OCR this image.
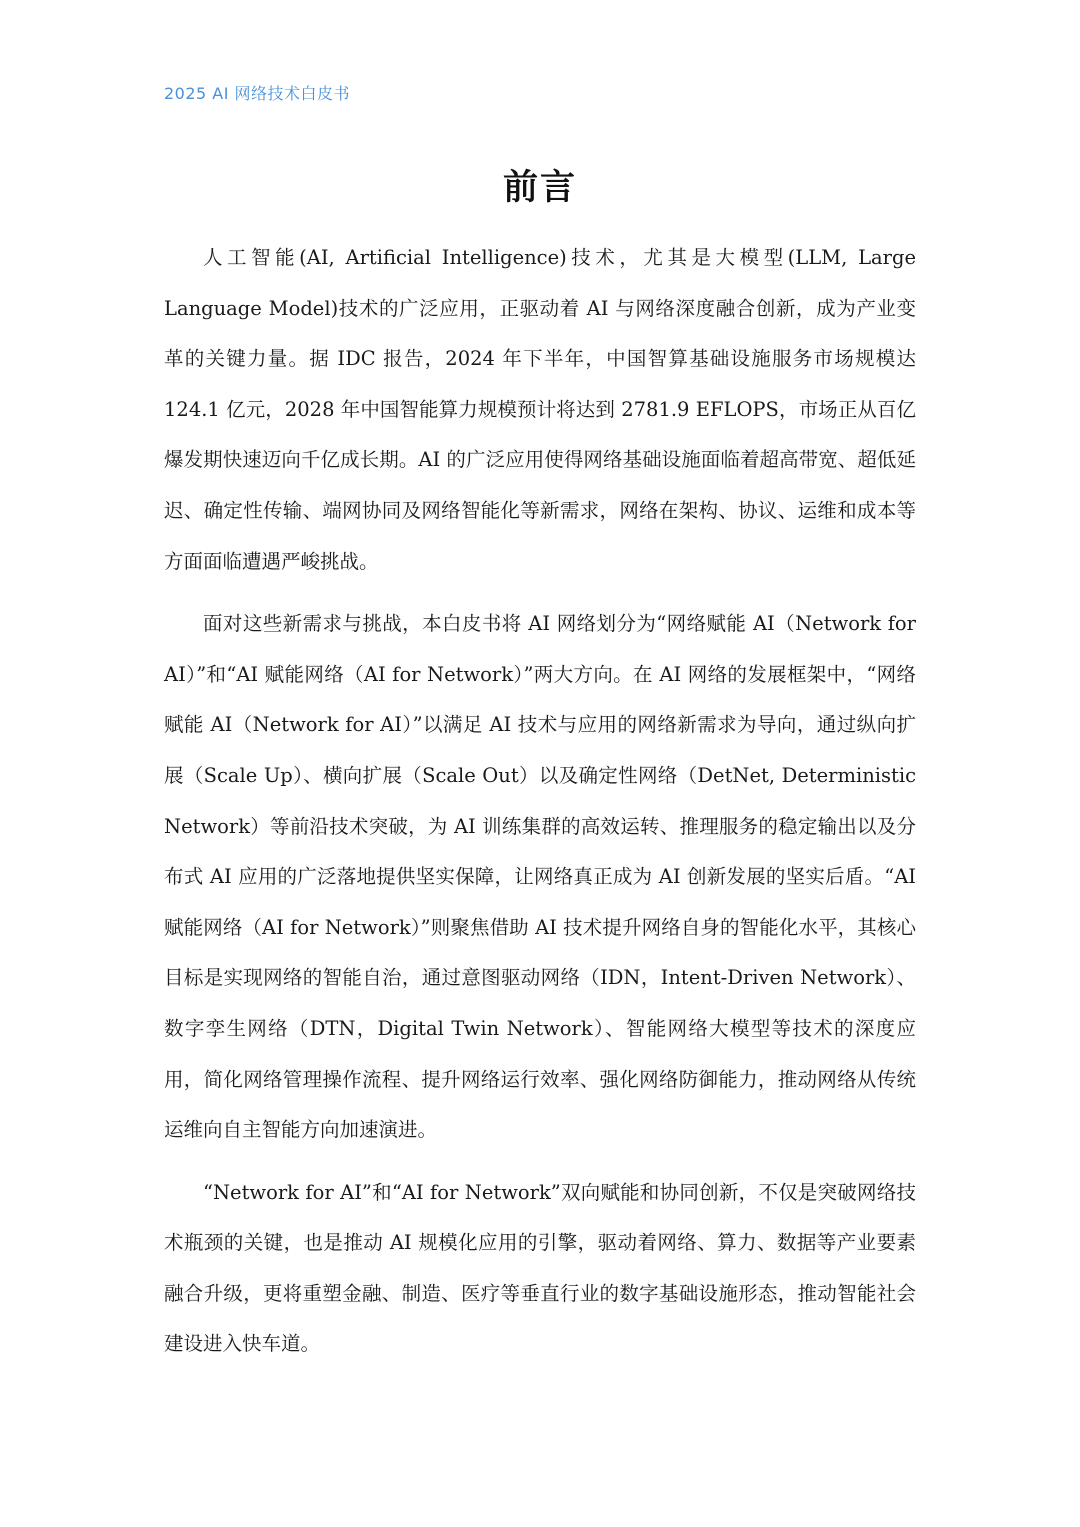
2025 AI 网络技术白皮书
前言

人工智能(AI, Artificial Intelligence)技术，尤其是大模型(LLM, Large Language Model)技术的广泛应用，正驱动着 AI 与网络深度融合创新，成为产业变革的关键力量。据 IDC 报告，2024 年下半年，中国智算基础设施服务市场规模达 124.1 亿元，2028 年中国智能算力规模预计将达到 2781.9 EFLOPS，市场正从百亿爆发期快速迈向千亿成长期。AI 的广泛应用使得网络基础设施面临着超高带宽、超低延迟、确定性传输、端网协同及网络智能化等新需求，网络在架构、协议、运维和成本等方面面临遭遇严峻挑战。

面对这些新需求与挑战，本白皮书将 AI 网络划分为“网络赋能 AI（Network for AI）”和“AI 赋能网络（AI for Network）”两大方向。在 AI 网络的发展框架中，“网络赋能 AI（Network for AI）”以满足 AI 技术与应用的网络新需求为导向，通过纵向扩展（Scale Up）、横向扩展（Scale Out）以及确定性网络（DetNet, Deterministic Network）等前沿技术突破，为 AI 训练集群的高效运转、推理服务的稳定输出以及分布式 AI 应用的广泛落地提供坚实保障，让网络真正成为 AI 创新发展的坚实后盾。“AI 赋能网络（AI for Network）”则聚焦借助 AI 技术提升网络自身的智能化水平，其核心目标是实现网络的智能自治，通过意图驱动网络（IDN，Intent-Driven Network）、数字孪生网络（DTN，Digital Twin Network）、智能网络大模型等技术的深度应用，简化网络管理操作流程、提升网络运行效率、强化网络防御能力，推动网络从传统运维向自主智能方向加速演进。

“Network for AI”和“AI for Network”双向赋能和协同创新，不仅是突破网络技术瓶颈的关键，也是推动 AI 规模化应用的引擎，驱动着网络、算力、数据等产业要素融合升级，更将重塑金融、制造、医疗等垂直行业的数字基础设施形态，推动智能社会建设进入快车道。
